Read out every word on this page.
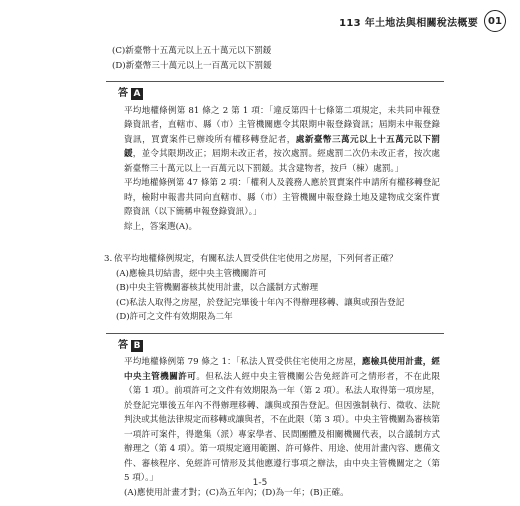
113 年土地法與相關稅法概要	01

(C)新臺幣十五萬元以上五十萬元以下罰鍰

(D)新臺幣三十萬元以上一百萬元以下罰鍰

答 A

平均地權條例第 81 條之 2 第 1 項：「違反第四十七條第二項規定，未共同申報登錄資訊者，直轄市、縣（市）主管機關應令其限期申報登錄資訊；屆期未申報登錄資訊，買賣案件已辦竣所有權移轉登記者，處新臺幣三萬元以上十五萬元以下罰鍰，並令其限期改正；屆期未改正者，按次處罰。經處罰二次仍未改正者，按次處新臺幣三十萬元以上一百萬元以下罰鍰。其含建物者，按戶（棟）處罰。」

平均地權條例第 47 條第 2 項：「權利人及義務人應於買賣案件申請所有權移轉登記時，檢附申報書共同向直轄市、縣（市）主管機關申報登錄土地及建物成交案件實際資訊（以下簡稱申報登錄資訊）。」

綜上，答案選(A)。

3. 依平均地權條例規定，有關私法人買受供住宅使用之房屋，下列何者正確？

(A)應檢具切結書，經中央主管機關許可

(B)中央主管機關審核其使用計畫，以合議制方式辦理

(C)私法人取得之房屋，於登記完畢後十年內不得辦理移轉、讓與或預告登記

(D)許可之文件有效期限為二年

答 B

平均地權條例第 79 條之 1：「私法人買受供住宅使用之房屋，應檢具使用計畫，經中央主管機關許可。但私法人經中央主管機關公告免經許可之情形者，不在此限（第 1 項）。前項許可之文件有效期限為一年（第 2 項）。私法人取得第一項房屋，於登記完畢後五年內不得辦理移轉、讓與或預告登記。但因強制執行、徵收、法院判決或其他法律規定而移轉或讓與者，不在此限（第 3 項）。中央主管機關為審核第一項許可案件，得邀集（派）專家學者、民間團體及相關機關代表，以合議制方式辦理之（第 4 項）。第一項規定適用範圍、許可條件、用途、使用計畫內容、應備文件、審核程序、免經許可情形及其他應遵行事項之辦法，由中央主管機關定之（第 5 項）。」

(A)應使用計畫才對；(C)為五年內；(D)為一年；(B)正確。

1-5
